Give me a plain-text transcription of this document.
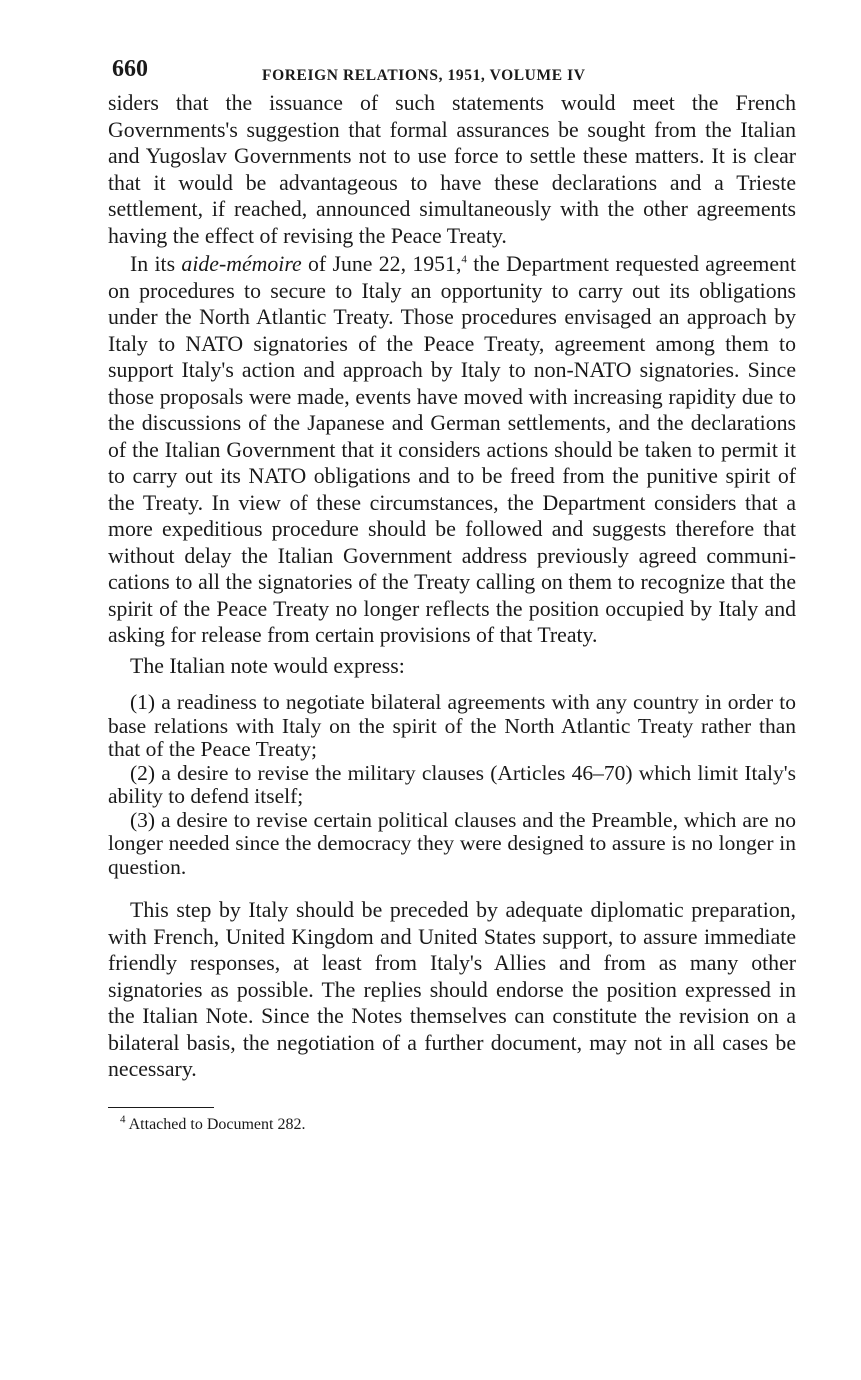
660	FOREIGN RELATIONS, 1951, VOLUME IV

siders that the issuance of such statements would meet the French Governments's suggestion that formal assurances be sought from the Italian and Yugoslav Governments not to use force to settle these matters. It is clear that it would be advantageous to have these declarations and a Trieste settlement, if reached, announced simultaneously with the other agreements having the effect of revising the Peace Treaty.

In its aide-mémoire of June 22, 1951,$^4$ the Department requested agreement on procedures to secure to Italy an opportunity to carry out its obligations under the North Atlantic Treaty. Those procedures envisaged an approach by Italy to NATO signatories of the Peace Treaty, agreement among them to support Italy's action and approach by Italy to non-NATO signatories. Since those proposals were made, events have moved with increasing rapidity due to the discussions of the Japanese and German settlements, and the declarations of the Italian Government that it considers actions should be taken to permit it to carry out its NATO obligations and to be freed from the punitive spirit of the Treaty. In view of these circumstances, the Department considers that a more expeditious procedure should be followed and suggests therefore that without delay the Italian Government address previously agreed communications to all the signatories of the Treaty calling on them to recognize that the spirit of the Peace Treaty no longer reflects the position occupied by Italy and asking for release from certain provisions of that Treaty.

The Italian note would express:

(1) a readiness to negotiate bilateral agreements with any country in order to base relations with Italy on the spirit of the North Atlantic Treaty rather than that of the Peace Treaty;

(2) a desire to revise the military clauses (Articles 46–70) which limit Italy's ability to defend itself;

(3) a desire to revise certain political clauses and the Preamble, which are no longer needed since the democracy they were designed to assure is no longer in question.

This step by Italy should be preceded by adequate diplomatic preparation, with French, United Kingdom and United States support, to assure immediate friendly responses, at least from Italy's Allies and from as many other signatories as possible. The replies should endorse the position expressed in the Italian Note. Since the Notes themselves can constitute the revision on a bilateral basis, the negotiation of a further document, may not in all cases be necessary.

$^4$ Attached to Document 282.
